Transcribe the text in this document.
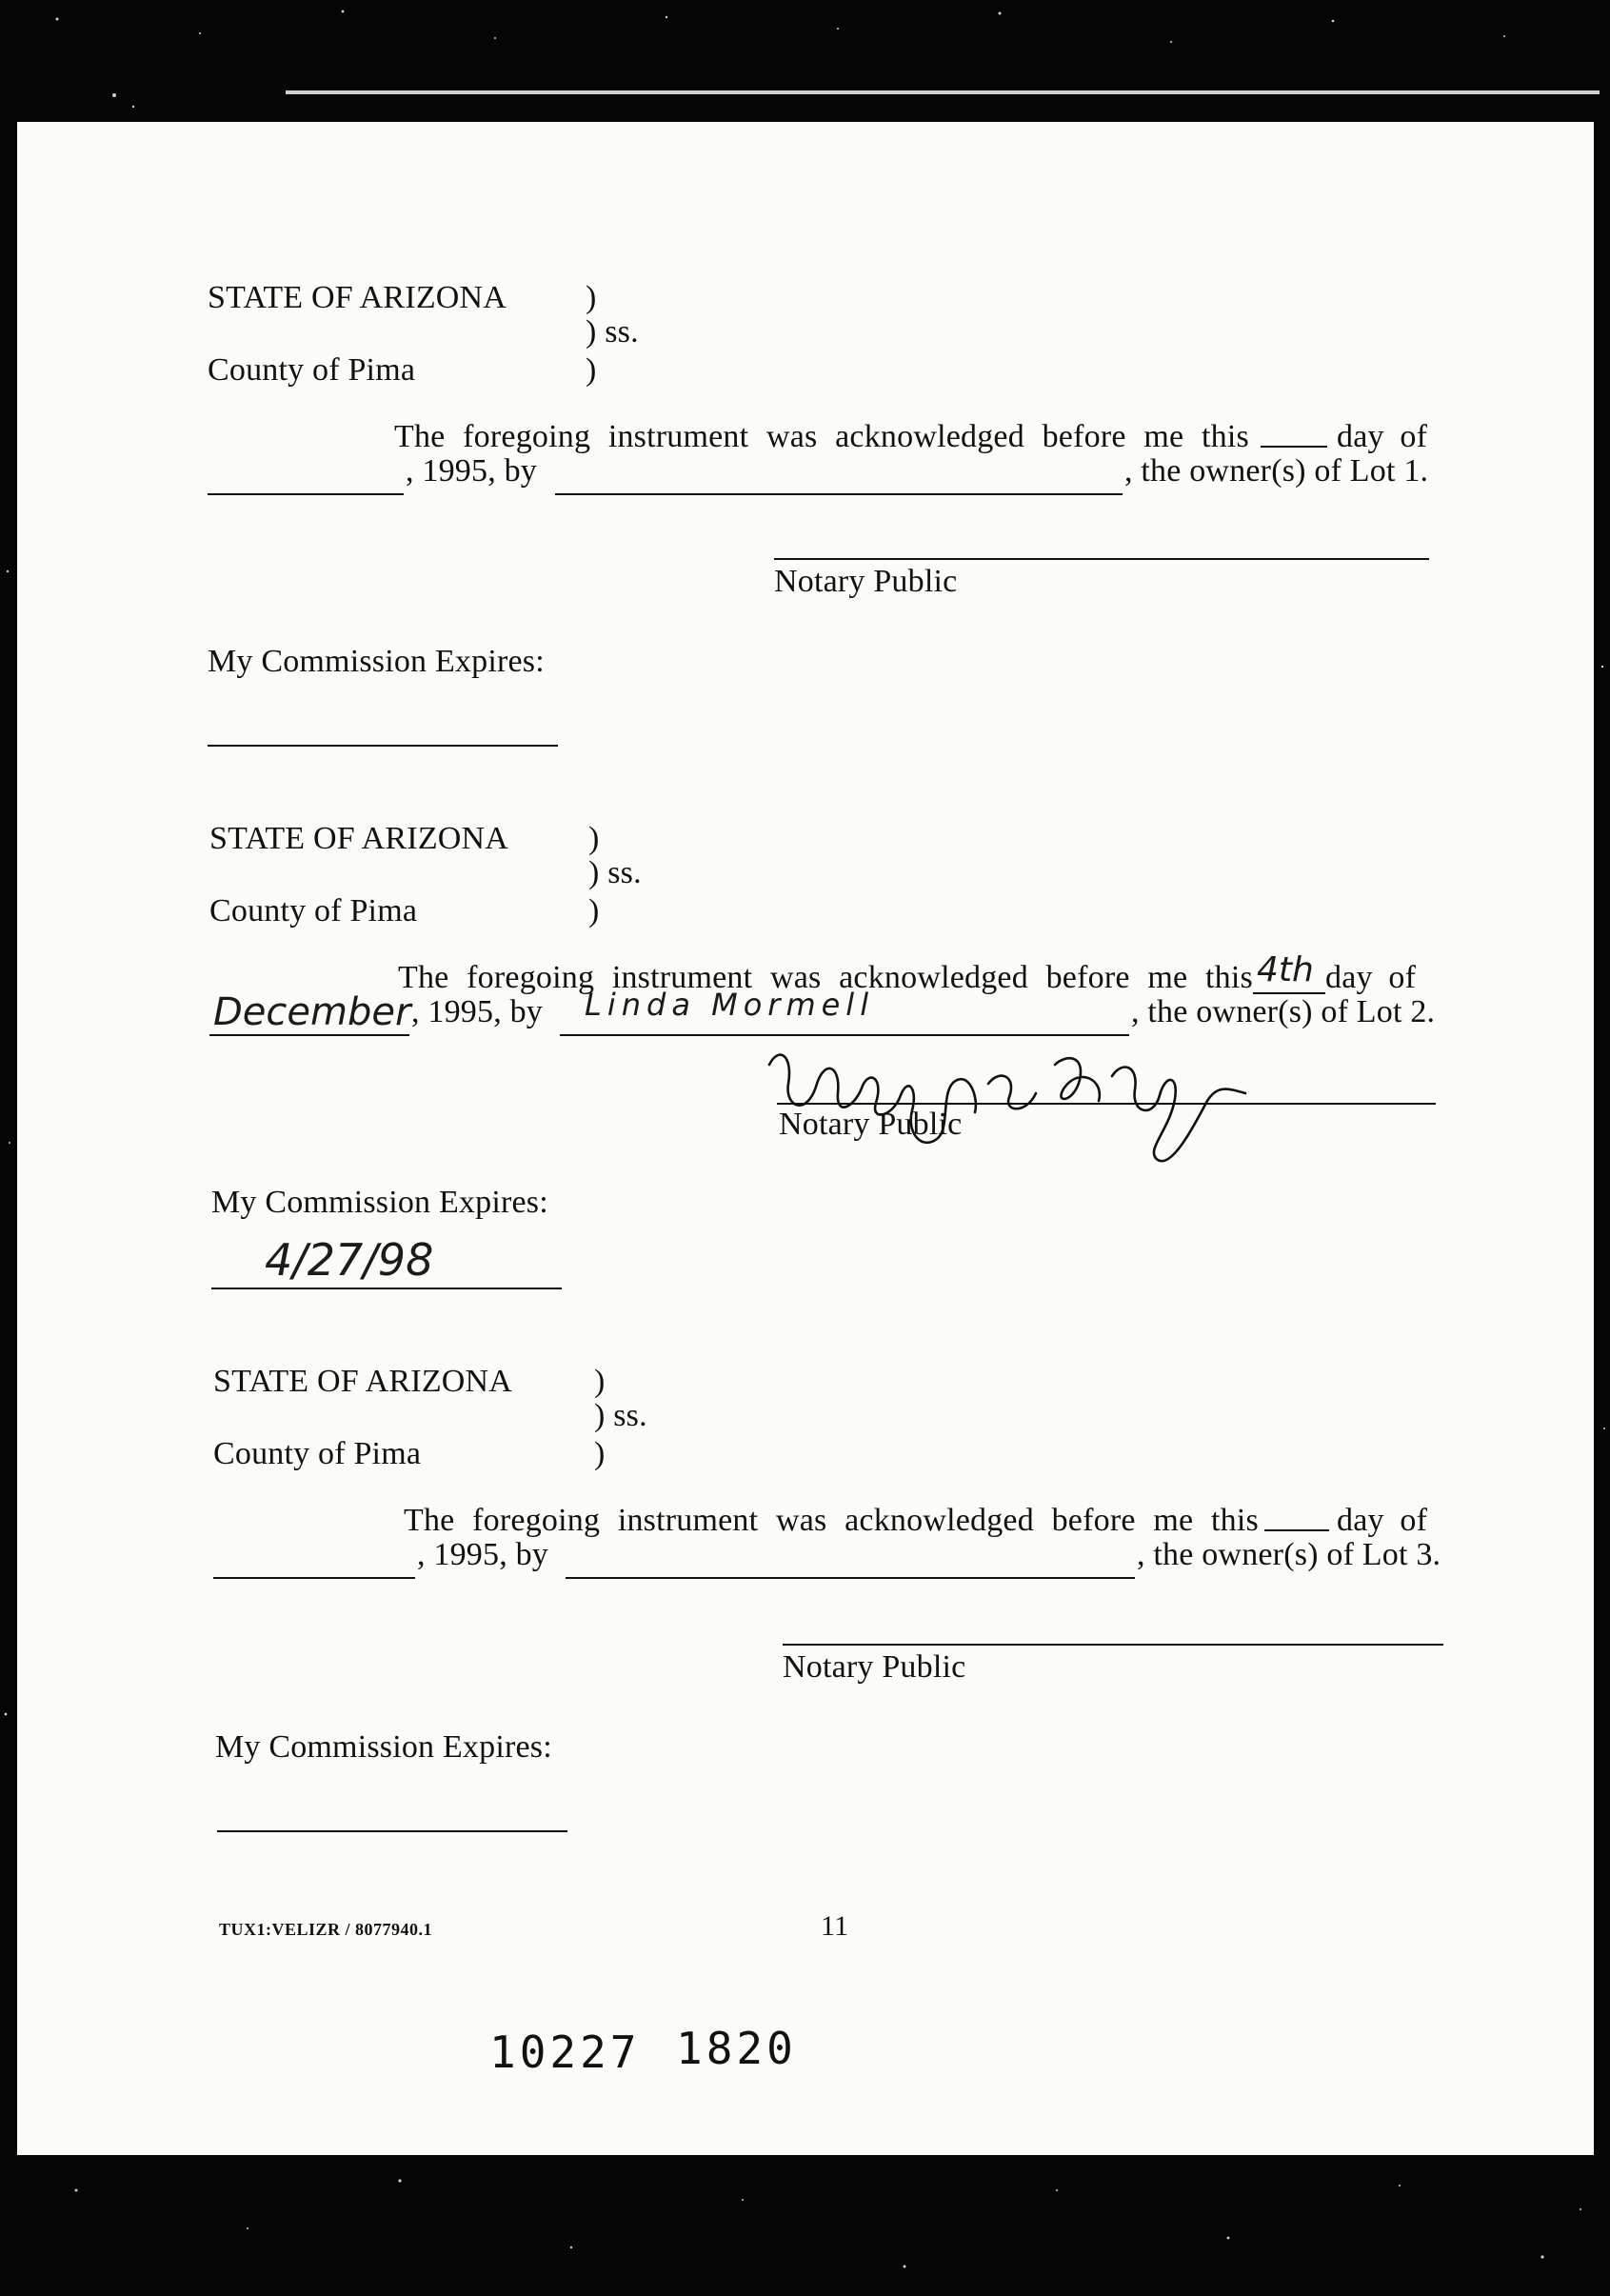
STATE OF ARIZONA )
) ss.
County of Pima	)
The foregoing instrument was acknowledged before me this	day of
, 1995, by	, the owner(s) of Lot 1.
Notary Public
My Commission Expires:
STATE OF ARIZONA )
) ss.
County of Pima	)
The foregoing instrument was acknowledged before me this 4th day of
December , 1995, by Linda Mormell	, the owner(s) of Lot 2.
Notary Public
My Commission Expires:
4/27/98
STATE OF ARIZONA	)
) ss.
County of Pima	)
The foregoing instrument was acknowledged before me this day of
, 1995, by	, the owner(s) of Lot 3.
Notary Public
My Commission Expires:
TUX1:VELIZR / 8077940.1	11
10227 1820
